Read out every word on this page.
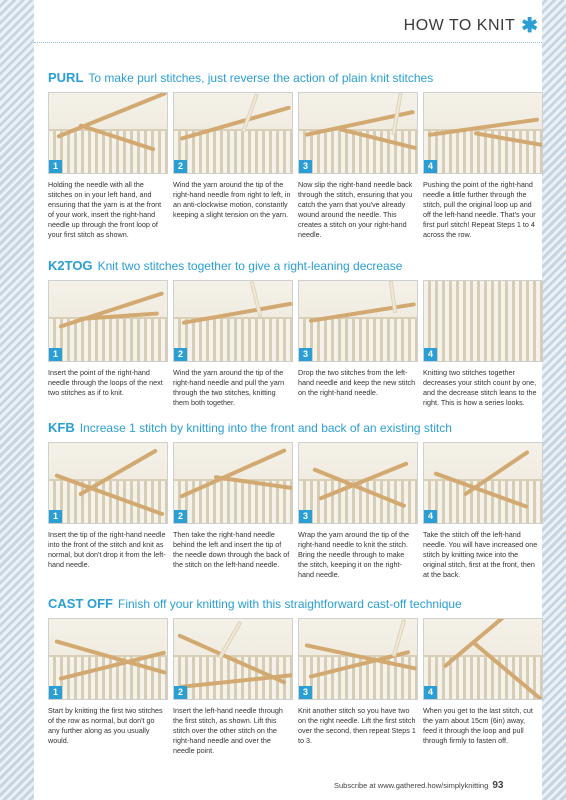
HOW TO KNIT ✱
PURL To make purl stitches, just reverse the action of plain knit stitches
1
Holding the needle with all the stitches on in your left hand, and ensuring that the yarn is at the front of your work, insert the right-hand needle up through the front loop of your first stitch as shown.
2
Wind the yarn around the tip of the right-hand needle from right to left, in an anti-clockwise motion, constantly keeping a slight tension on the yarn.
3
Now slip the right-hand needle back through the stitch, ensuring that you catch the yarn that you've already wound around the needle. This creates a stitch on your right-hand needle.
4
Pushing the point of the right-hand needle a little further through the stitch, pull the original loop up and off the left-hand needle. That's your first purl stitch! Repeat Steps 1 to 4 across the row.
K2TOG Knit two stitches together to give a right-leaning decrease
1
Insert the point of the right-hand needle through the loops of the next two stitches as if to knit.
2
Wind the yarn around the tip of the right-hand needle and pull the yarn through the two stitches, knitting them both together.
3
Drop the two stitches from the left-hand needle and keep the new stitch on the right-hand needle.
4
Knitting two stitches together decreases your stitch count by one, and the decrease stitch leans to the right. This is how a series looks.
KFB Increase 1 stitch by knitting into the front and back of an existing stitch
1
Insert the tip of the right-hand needle into the front of the stitch and knit as normal, but don't drop it from the left-hand needle.
2
Then take the right-hand needle behind the left and insert the tip of the needle down through the back of the stitch on the left-hand needle.
3
Wrap the yarn around the tip of the right-hand needle to knit the stitch. Bring the needle through to make the stitch, keeping it on the right-hand needle.
4
Take the stitch off the left-hand needle. You will have increased one stitch by knitting twice into the original stitch, first at the front, then at the back.
CAST OFF Finish off your knitting with this straightforward cast-off technique
1
Start by knitting the first two stitches of the row as normal, but don't go any further along as you usually would.
2
Insert the left-hand needle through the first stitch, as shown. Lift this stitch over the other stitch on the right-hand needle and over the needle point.
3
Knit another stitch so you have two on the right needle. Lift the first stitch over the second, then repeat Steps 1 to 3.
4
When you get to the last stitch, cut the yarn about 15cm (6in) away, feed it through the loop and pull through firmly to fasten off.
Subscribe at www.gathered.how/simplyknitting 93
